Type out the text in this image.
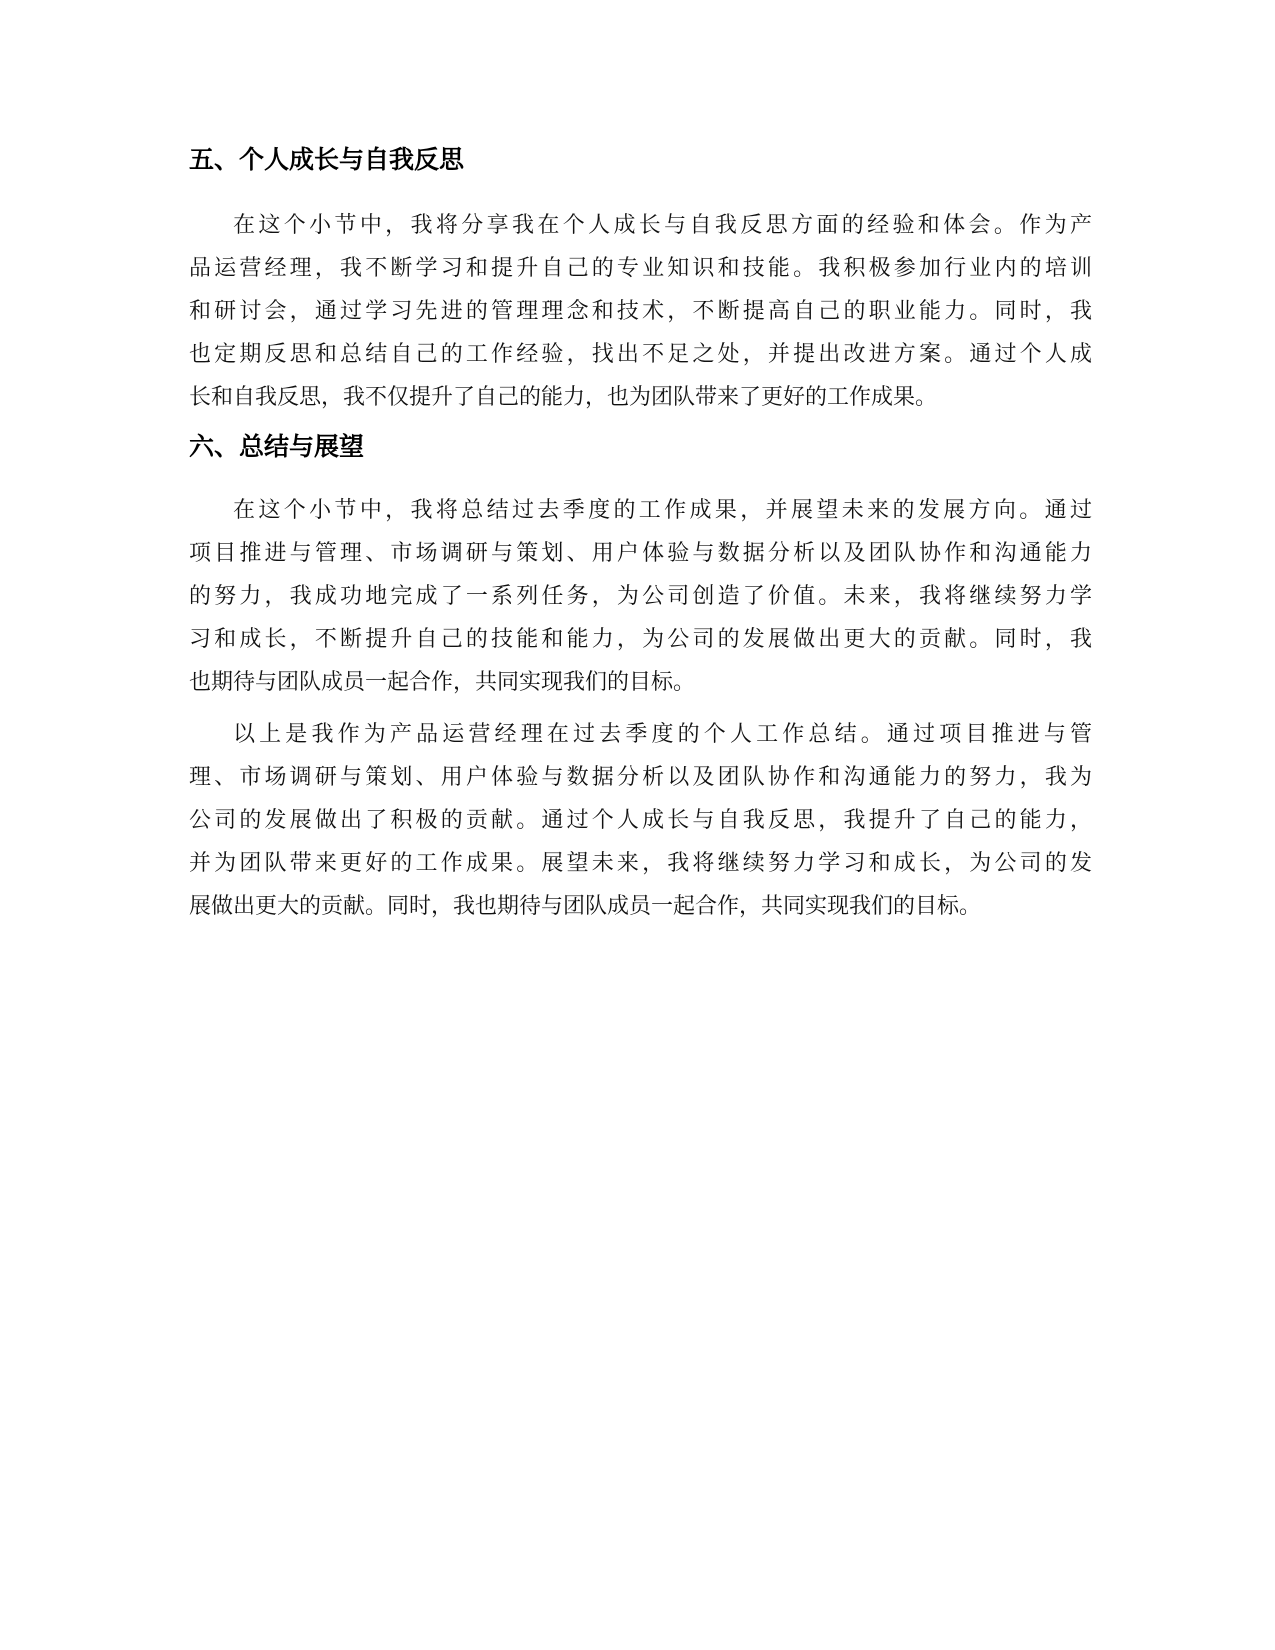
五、个人成长与自我反思

在这个小节中，我将分享我在个人成长与自我反思方面的经验和体会。作为产
品运营经理，我不断学习和提升自己的专业知识和技能。我积极参加行业内的培训
和研讨会，通过学习先进的管理理念和技术，不断提高自己的职业能力。同时，我
也定期反思和总结自己的工作经验，找出不足之处，并提出改进方案。通过个人成
长和自我反思，我不仅提升了自己的能力，也为团队带来了更好的工作成果。

六、总结与展望

在这个小节中，我将总结过去季度的工作成果，并展望未来的发展方向。通过
项目推进与管理、市场调研与策划、用户体验与数据分析以及团队协作和沟通能力
的努力，我成功地完成了一系列任务，为公司创造了价值。未来，我将继续努力学
习和成长，不断提升自己的技能和能力，为公司的发展做出更大的贡献。同时，我
也期待与团队成员一起合作，共同实现我们的目标。

以上是我作为产品运营经理在过去季度的个人工作总结。通过项目推进与管
理、市场调研与策划、用户体验与数据分析以及团队协作和沟通能力的努力，我为
公司的发展做出了积极的贡献。通过个人成长与自我反思，我提升了自己的能力，
并为团队带来更好的工作成果。展望未来，我将继续努力学习和成长，为公司的发
展做出更大的贡献。同时，我也期待与团队成员一起合作，共同实现我们的目标。
